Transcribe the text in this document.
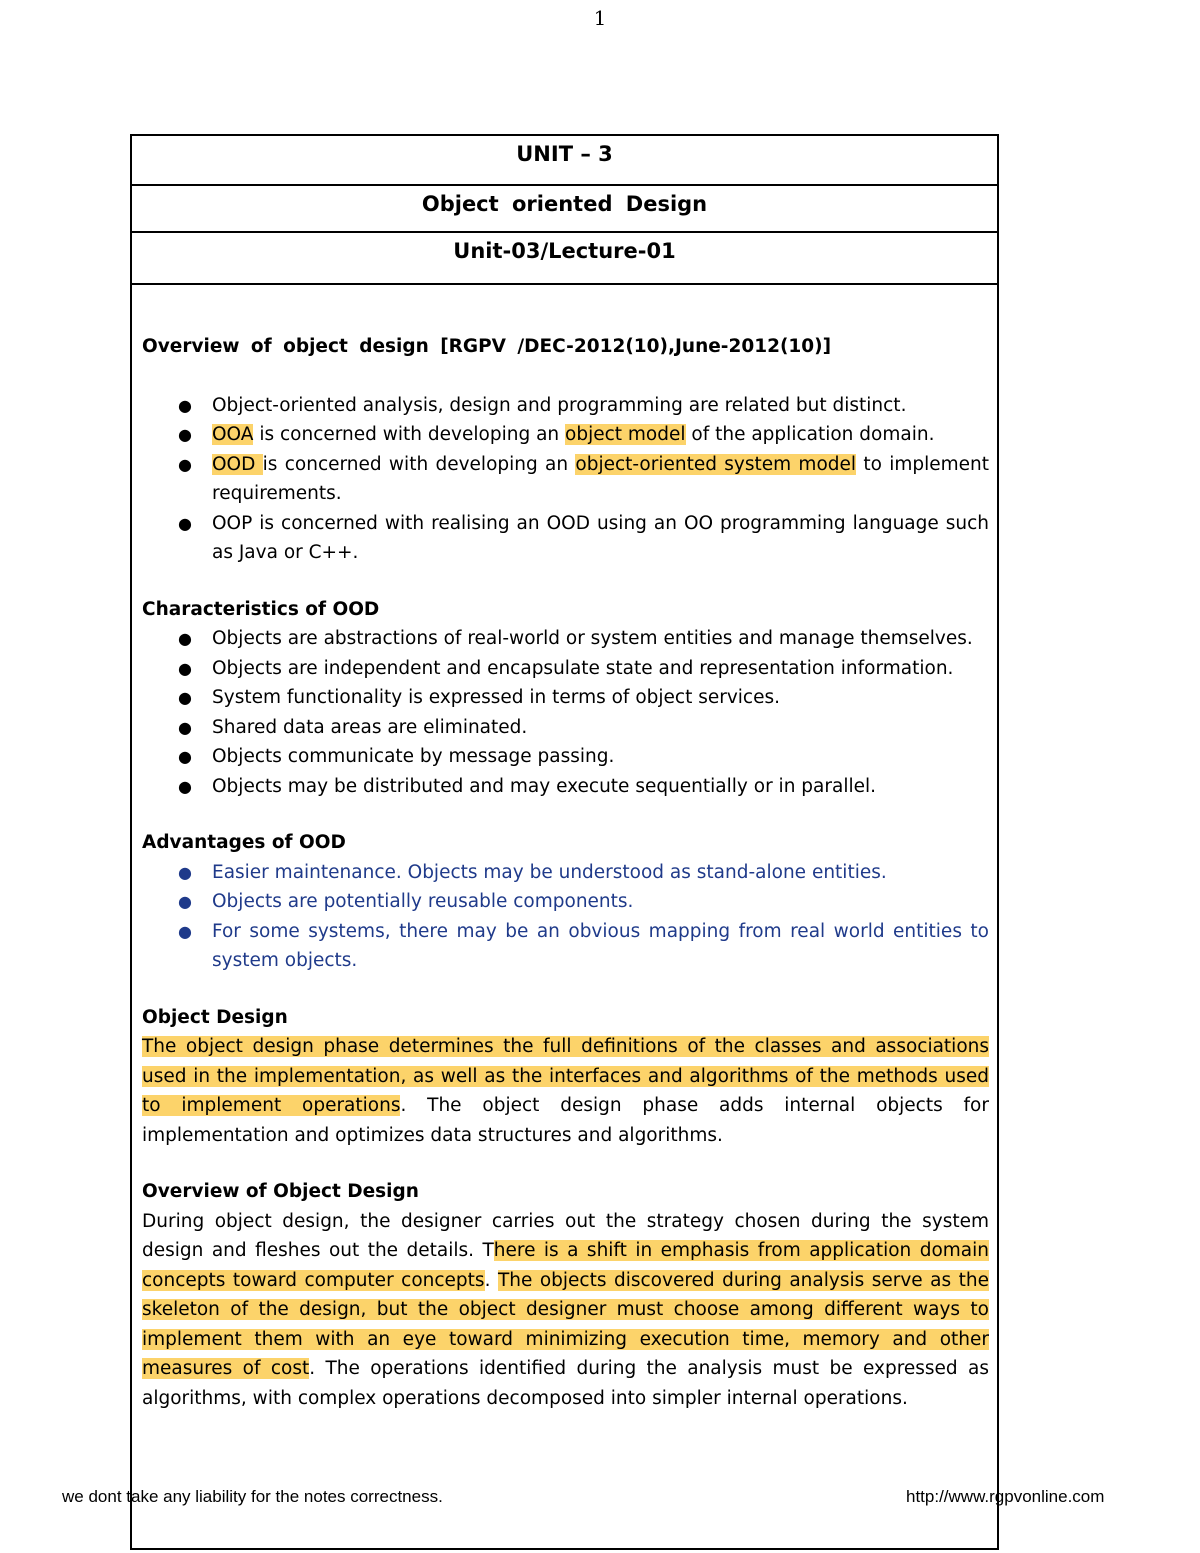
1
UNIT – 3
Object oriented Design
Unit-03/Lecture-01

Overview of object design [RGPV /DEC-2012(10),June-2012(10)]

● Object-oriented analysis, design and programming are related but distinct.
● OOA is concerned with developing an object model of the application domain.
● OOD is concerned with developing an object-oriented system model to implement requirements.
● OOP is concerned with realising an OOD using an OO programming language such as Java or C++.

Characteristics of OOD

● Objects are abstractions of real-world or system entities and manage themselves.
● Objects are independent and encapsulate state and representation information.
● System functionality is expressed in terms of object services.
● Shared data areas are eliminated.
● Objects communicate by message passing.
● Objects may be distributed and may execute sequentially or in parallel.

Advantages of OOD

● Easier maintenance. Objects may be understood as stand-alone entities.
● Objects are potentially reusable components.
● For some systems, there may be an obvious mapping from real world entities to system objects.

Object Design

The object design phase determines the full definitions of the classes and associations used in the implementation, as well as the interfaces and algorithms of the methods used to implement operations. The object design phase adds internal objects for implementation and optimizes data structures and algorithms.

Overview of Object Design

During object design, the designer carries out the strategy chosen during the system design and fleshes out the details. There is a shift in emphasis from application domain concepts toward computer concepts. The objects discovered during analysis serve as the skeleton of the design, but the object designer must choose among different ways to implement them with an eye toward minimizing execution time, memory and other measures of cost. The operations identified during the analysis must be expressed as algorithms, with complex operations decomposed into simpler internal operations.

we dont take any liability for the notes correctness.	http://www.rgpvonline.com
